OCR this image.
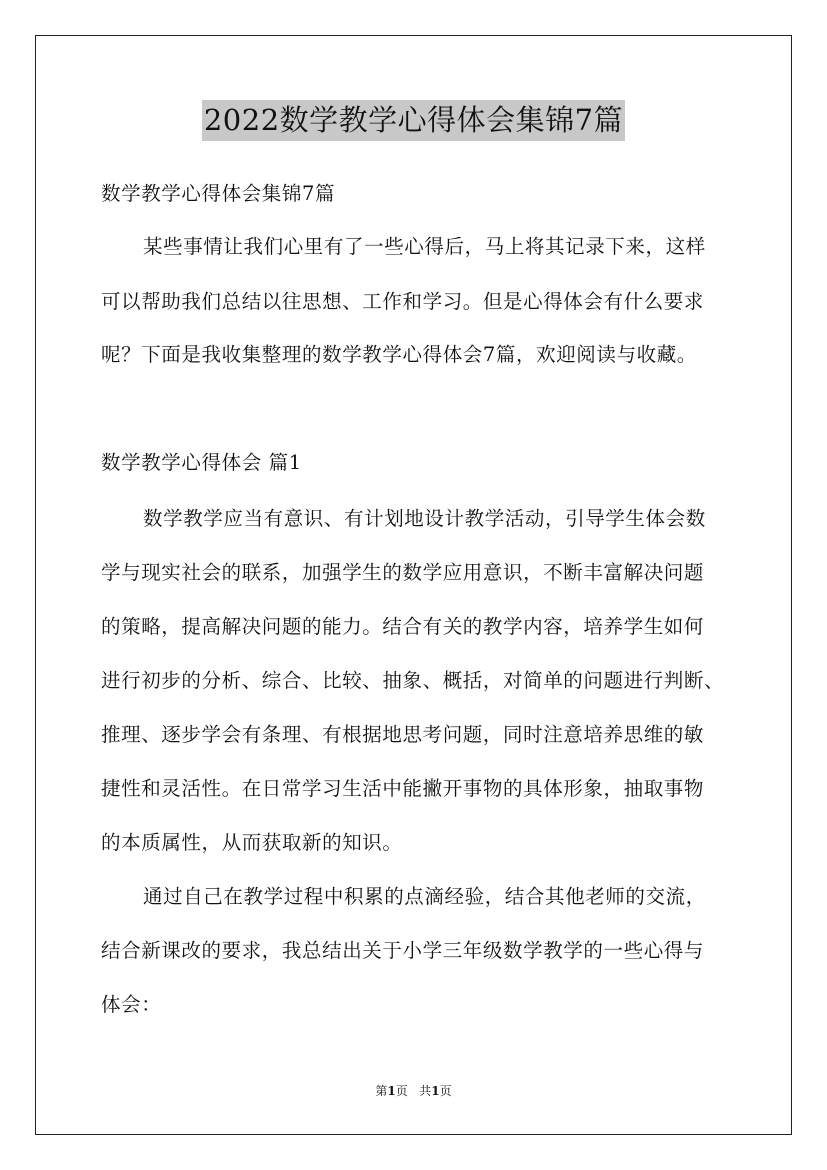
2022数学教学心得体会集锦7篇
数学教学心得体会集锦7篇
某些事情让我们心里有了一些心得后，马上将其记录下来，这样
可以帮助我们总结以往思想、工作和学习。但是心得体会有什么要求
呢？下面是我收集整理的数学教学心得体会7篇，欢迎阅读与收藏。
数学教学心得体会 篇1
数学教学应当有意识、有计划地设计教学活动，引导学生体会数
学与现实社会的联系，加强学生的数学应用意识，不断丰富解决问题
的策略，提高解决问题的能力。结合有关的教学内容，培养学生如何
进行初步的分析、综合、比较、抽象、概括，对简单的问题进行判断、
推理、逐步学会有条理、有根据地思考问题，同时注意培养思维的敏
捷性和灵活性。在日常学习生活中能撇开事物的具体形象，抽取事物
的本质属性，从而获取新的知识。
通过自己在教学过程中积累的点滴经验，结合其他老师的交流，
结合新课改的要求，我总结出关于小学三年级数学教学的一些心得与
体会：
第1页 共1页
